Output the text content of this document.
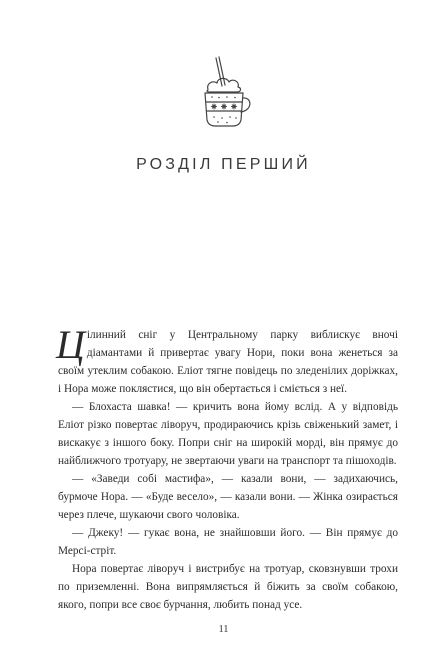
РОЗДІЛ ПЕРШИЙ

Цілинний сніг у Центральному парку виблискує вночі діамантами й привертає увагу Нори, поки вона женеться за своїм утеклим собакою. Еліот тягне повідець по зледенілих доріжках, і Нора може поклястися, що він обертається і сміється з неї.

— Блохаста шавка! — кричить вона йому вслід. А у відповідь Еліот різко повертає ліворуч, продираючись крізь свіженький замет, і вискакує з іншого боку. Попри сніг на широкій морді, він прямує до найближчого тротуару, не звертаючи уваги на транспорт та пішоходів.

— «Заведи собі мастифа», — казали вони, — задихаючись, бурмоче Нора. — «Буде весело», — казали вони. — Жінка озирається через плече, шукаючи свого чоловіка.

— Джеку! — гукає вона, не знайшовши його. — Він прямує до Мерсі-стріт.

Нора повертає ліворуч і вистрибує на тротуар, сковзнувши трохи по приземленні. Вона випрямляється й біжить за своїм собакою, якого, попри все своє бурчання, любить понад усе.

11
